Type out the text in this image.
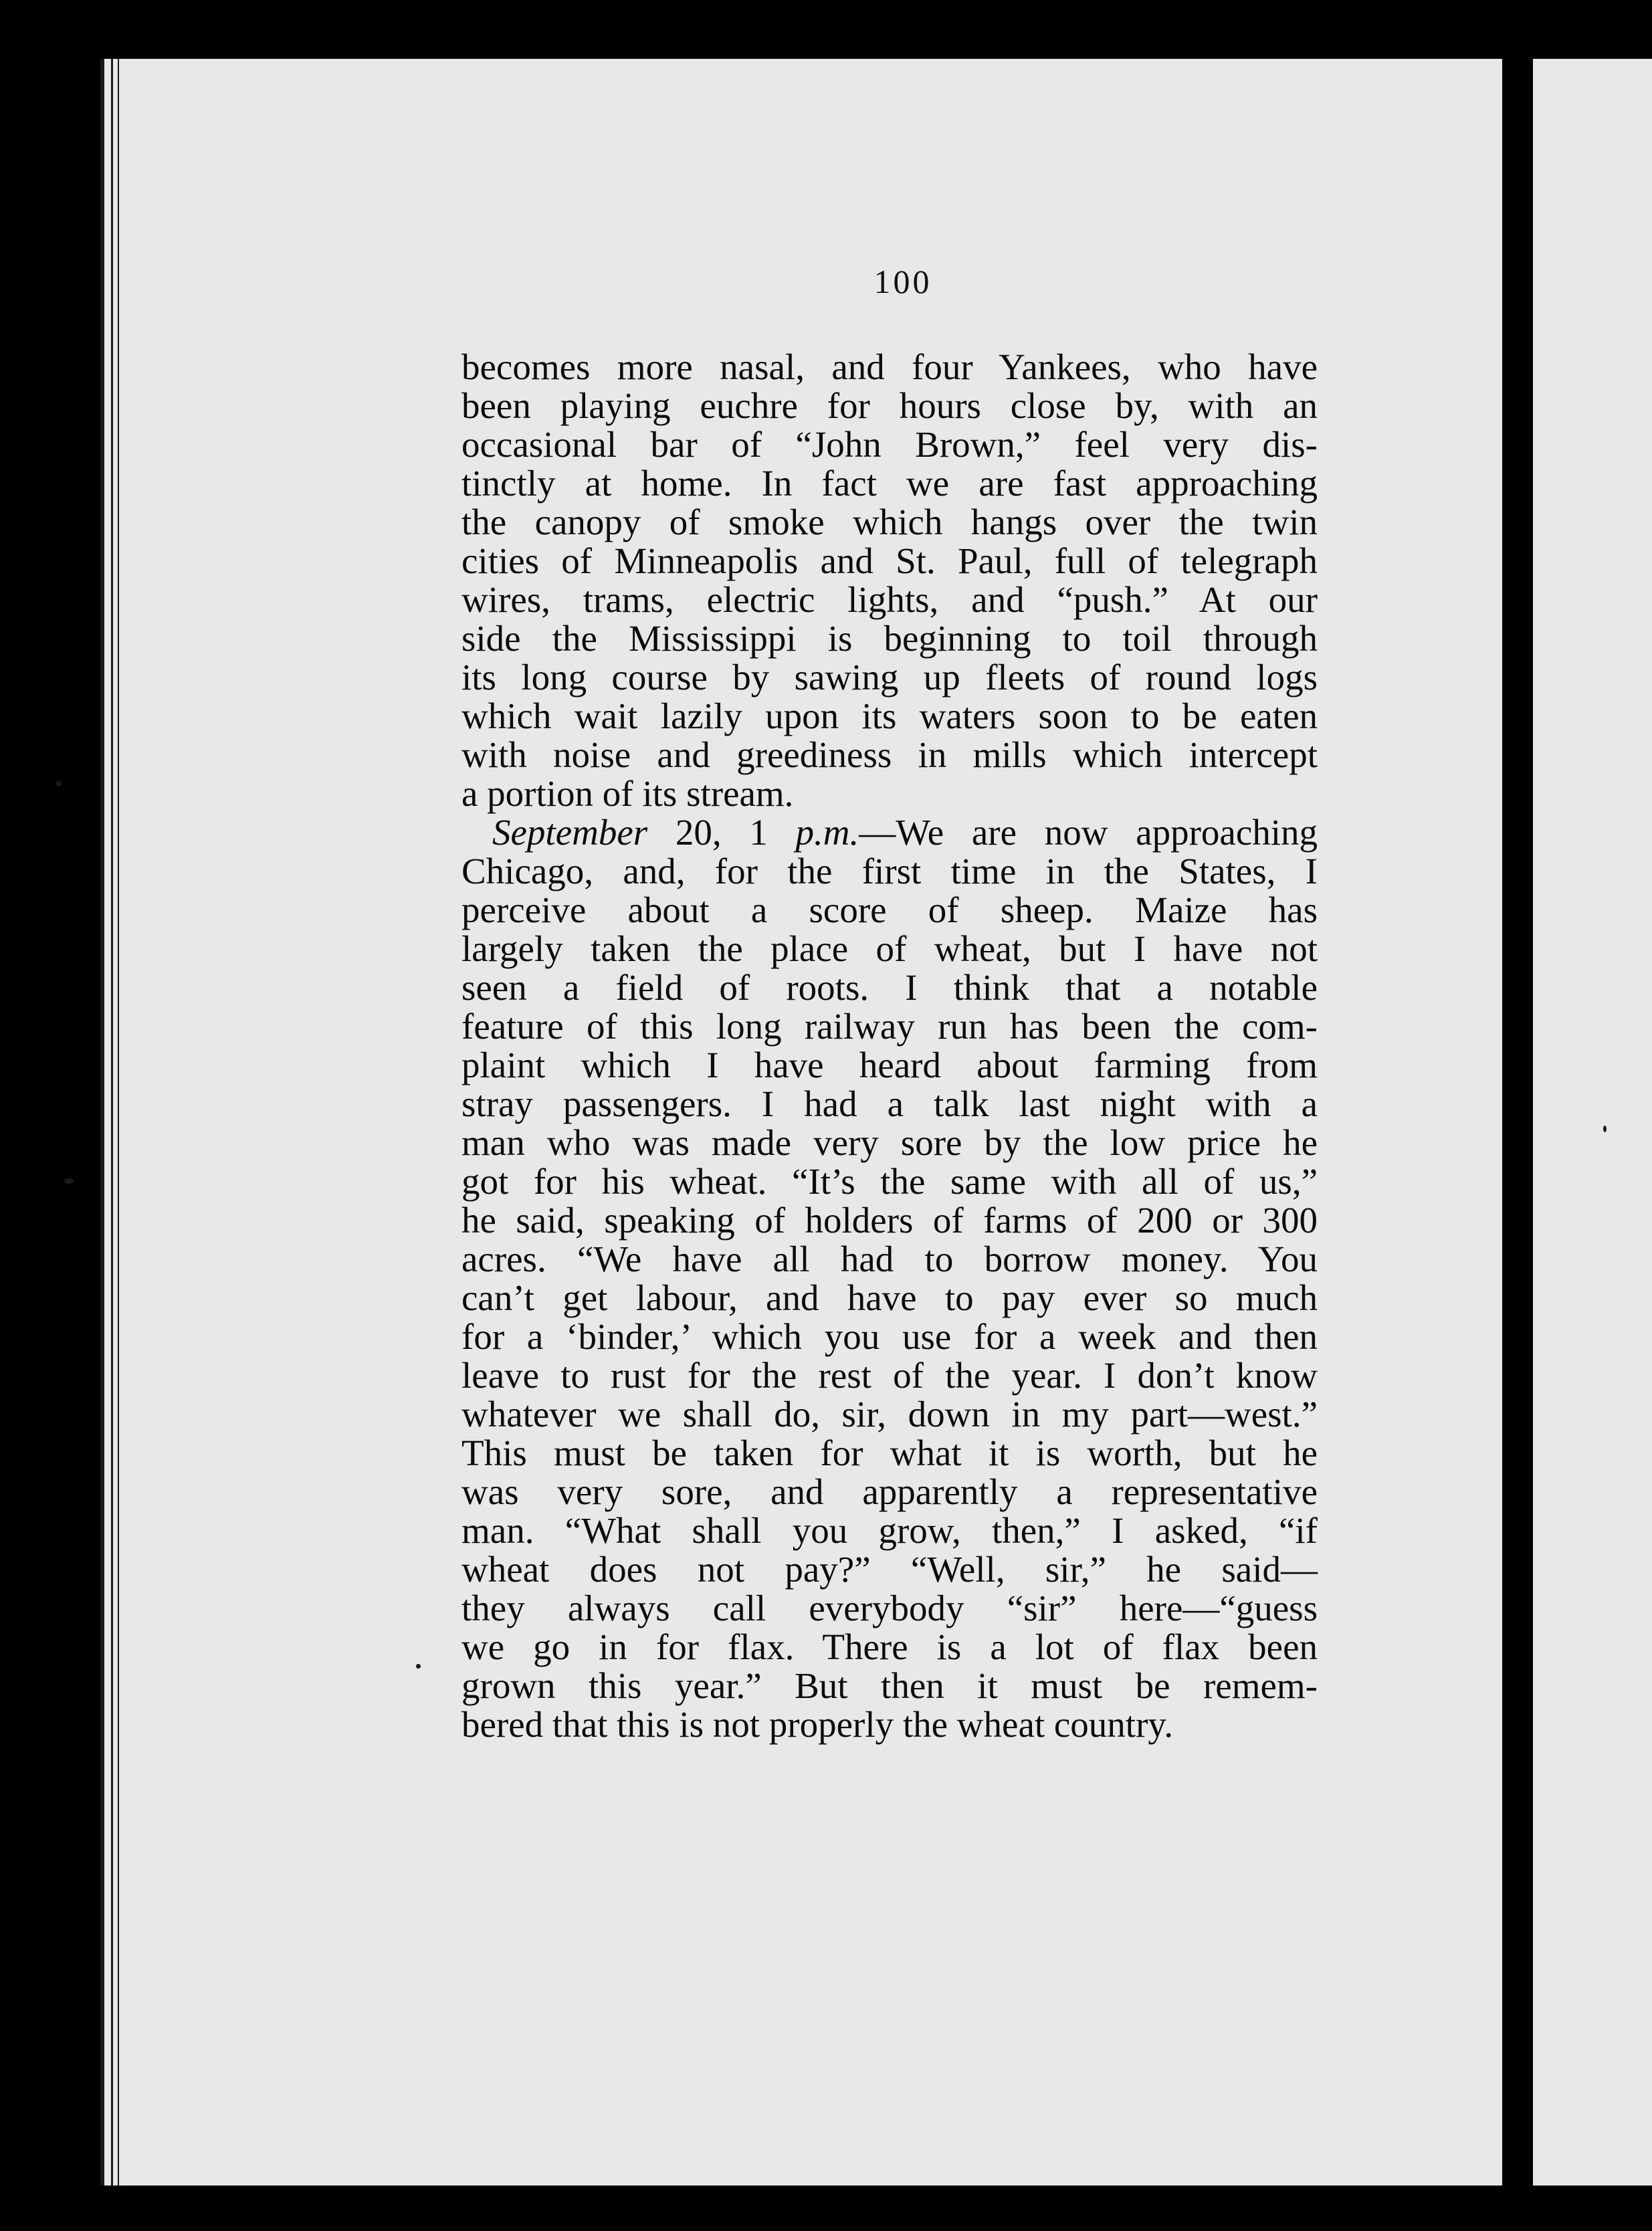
100
becomes more nasal, and four Yankees, who have
been playing euchre for hours close by, with an
occasional bar of “John Brown,” feel very dis-
tinctly at home. In fact we are fast approaching
the canopy of smoke which hangs over the twin
cities of Minneapolis and St. Paul, full of telegraph
wires, trams, electric lights, and “push.” At our
side the Mississippi is beginning to toil through
its long course by sawing up fleets of round logs
which wait lazily upon its waters soon to be eaten
with noise and greediness in mills which intercept
a portion of its stream.
September 20, 1 p.m.—We are now approaching
Chicago, and, for the first time in the States, I
perceive about a score of sheep. Maize has
largely taken the place of wheat, but I have not
seen a field of roots. I think that a notable
feature of this long railway run has been the com-
plaint which I have heard about farming from
stray passengers. I had a talk last night with a
man who was made very sore by the low price he
got for his wheat. “It’s the same with all of us,”
he said, speaking of holders of farms of 200 or 300
acres. “We have all had to borrow money. You
can’t get labour, and have to pay ever so much
for a ‘binder,’ which you use for a week and then
leave to rust for the rest of the year. I don’t know
whatever we shall do, sir, down in my part—west.”
This must be taken for what it is worth, but he
was very sore, and apparently a representative
man. “What shall you grow, then,” I asked, “if
wheat does not pay?” “Well, sir,” he said—
they always call everybody “sir” here—“guess
we go in for flax. There is a lot of flax been
grown this year.” But then it must be remem-
bered that this is not properly the wheat country.
